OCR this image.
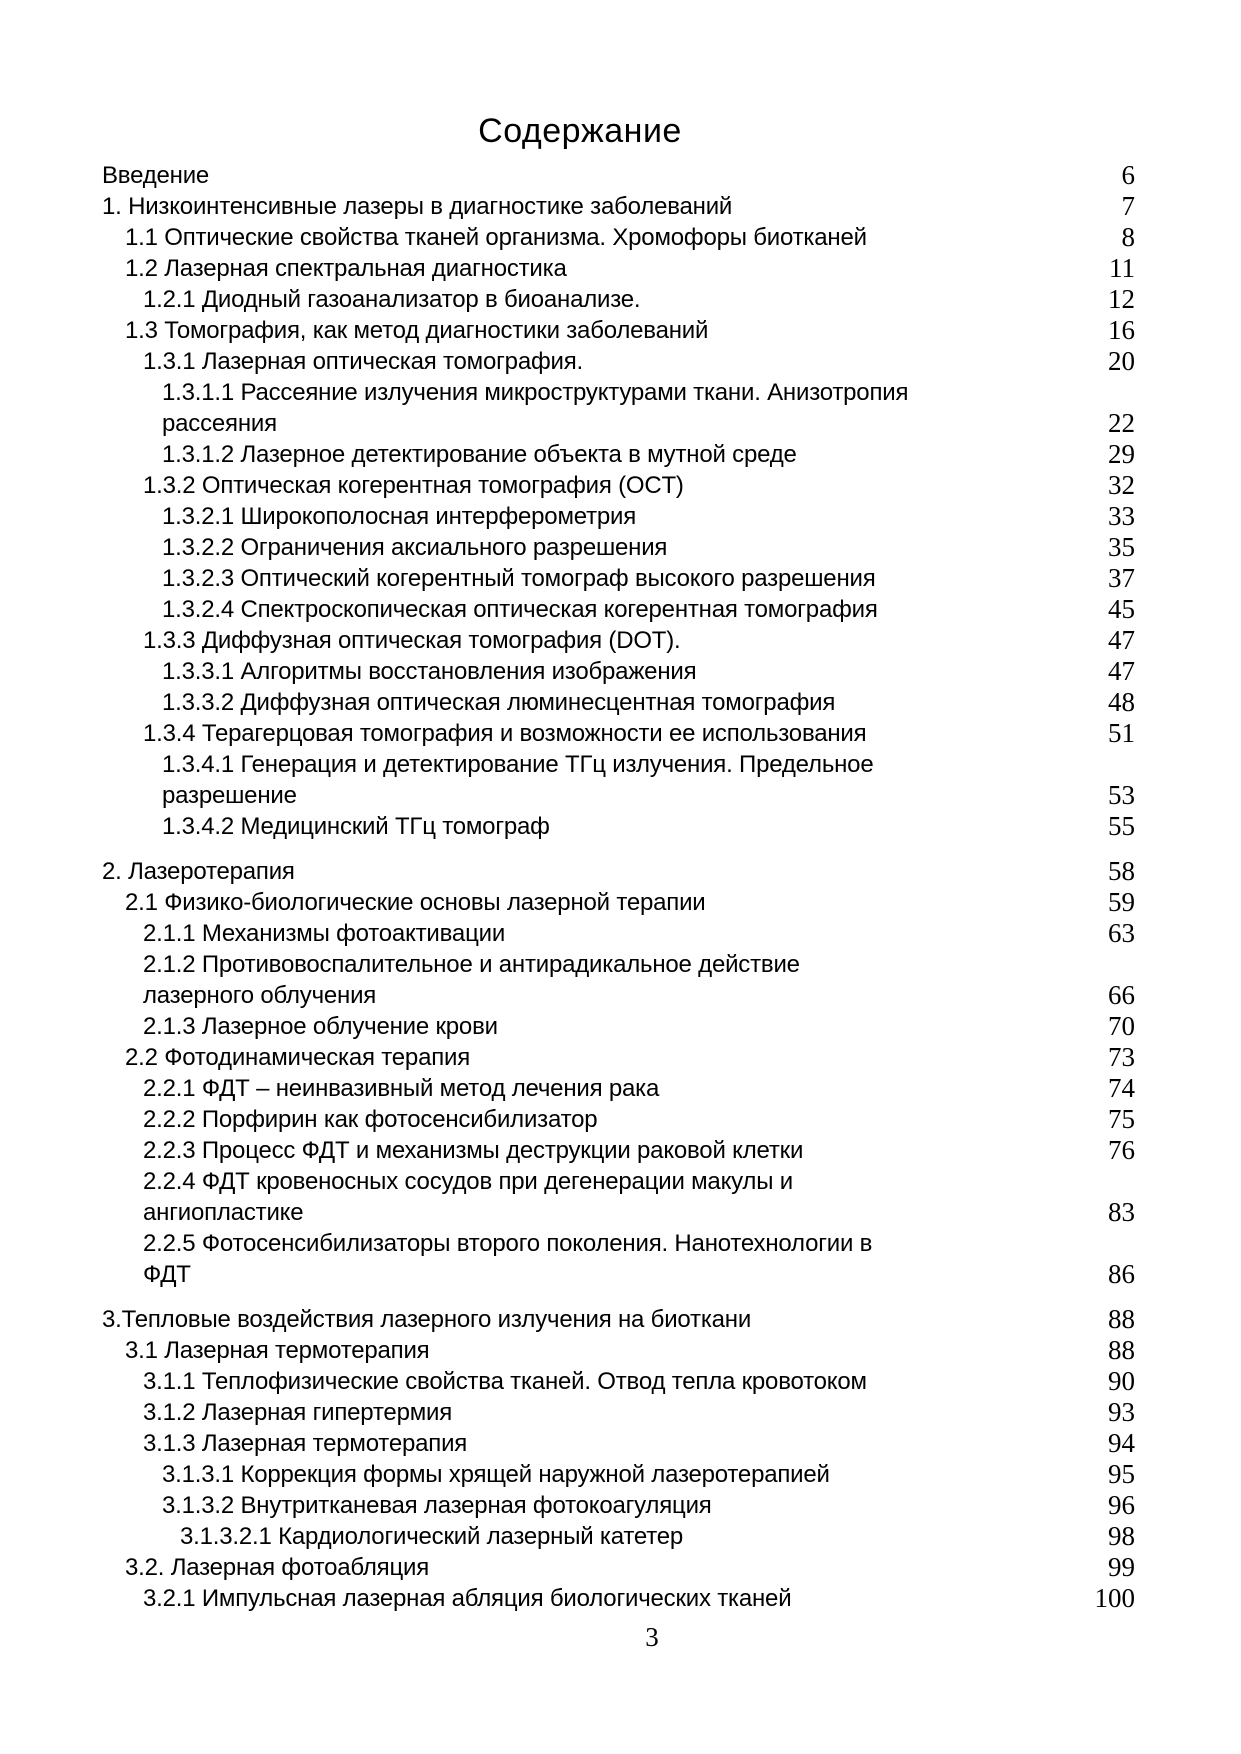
Содержание
Введение	6
1. Низкоинтенсивные лазеры в диагностике заболеваний	7
1.1 Оптические свойства тканей организма. Хромофоры биотканей	8
1.2 Лазерная спектральная диагностика	11
1.2.1 Диодный газоанализатор в биоанализе.	12
1.3 Томография, как метод диагностики заболеваний	16
1.3.1 Лазерная оптическая томография.	20
1.3.1.1 Рассеяние излучения микроструктурами ткани. Анизотропия
рассеяния	22
1.3.1.2 Лазерное детектирование объекта в мутной среде	29
1.3.2 Оптическая когерентная томография (OCT)	32
1.3.2.1 Широкополосная интерферометрия	33
1.3.2.2 Ограничения аксиального разрешения	35
1.3.2.3 Оптический когерентный томограф высокого разрешения	37
1.3.2.4 Спектроскопическая оптическая когерентная томография	45
1.3.3 Диффузная оптическая томография (DOT).	47
1.3.3.1 Алгоритмы восстановления изображения	47
1.3.3.2 Диффузная оптическая люминесцентная томография	48
1.3.4 Терагерцовая томография и возможности ее использования	51
1.3.4.1 Генерация и детектирование ТГц излучения. Предельное
разрешение	53
1.3.4.2 Медицинский ТГц томограф	55
2. Лазеротерапия	58
2.1 Физико-биологические основы лазерной терапии	59
2.1.1 Механизмы фотоактивации	63
2.1.2 Противовоспалительное и антирадикальное действие
лазерного облучения	66
2.1.3 Лазерное облучение крови	70
2.2 Фотодинамическая терапия	73
2.2.1 ФДТ – неинвазивный метод лечения рака	74
2.2.2 Порфирин как фотосенсибилизатор	75
2.2.3 Процесс ФДТ и механизмы деструкции раковой клетки	76
2.2.4 ФДТ кровеносных сосудов при дегенерации макулы и
ангиопластике	83
2.2.5 Фотосенсибилизаторы второго поколения. Нанотехнологии в
ФДТ	86
3.Тепловые воздействия лазерного излучения на биоткани	88
3.1 Лазерная термотерапия	88
3.1.1 Теплофизические свойства тканей. Отвод тепла кровотоком	90
3.1.2 Лазерная гипертермия	93
3.1.3 Лазерная термотерапия	94
3.1.3.1 Коррекция формы хрящей наружной лазеротерапией	95
3.1.3.2 Внутритканевая лазерная фотокоагуляция	96
3.1.3.2.1 Кардиологический лазерный катетер	98
3.2. Лазерная фотоабляция	99
3.2.1 Импульсная лазерная абляция биологических тканей	100
3
